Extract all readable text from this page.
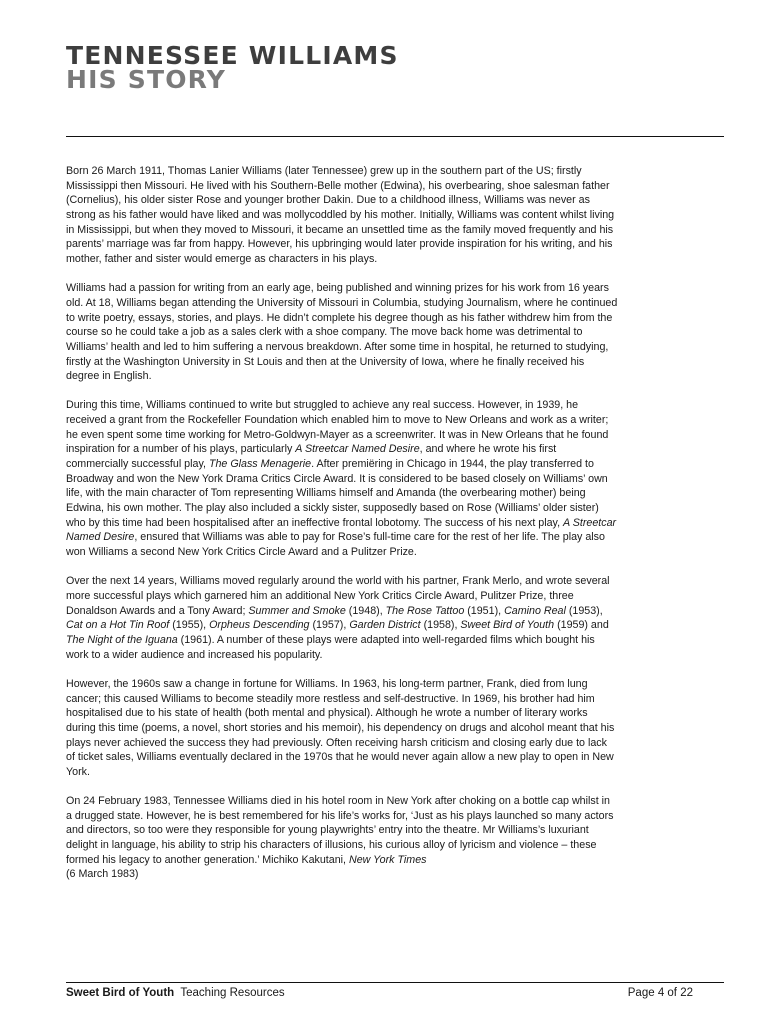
TENNESSEE WILLIAMS
HIS STORY

Born 26 March 1911, Thomas Lanier Williams (later Tennessee) grew up in the southern part of the US; firstly Mississippi then Missouri. He lived with his Southern-Belle mother (Edwina), his overbearing, shoe salesman father (Cornelius), his older sister Rose and younger brother Dakin. Due to a childhood illness, Williams was never as strong as his father would have liked and was mollycoddled by his mother. Initially, Williams was content whilst living in Mississippi, but when they moved to Missouri, it became an unsettled time as the family moved frequently and his parents’ marriage was far from happy. However, his upbringing would later provide inspiration for his writing, and his mother, father and sister would emerge as characters in his plays.

Williams had a passion for writing from an early age, being published and winning prizes for his work from 16 years old. At 18, Williams began attending the University of Missouri in Columbia, studying Journalism, where he continued to write poetry, essays, stories, and plays. He didn’t complete his degree though as his father withdrew him from the course so he could take a job as a sales clerk with a shoe company. The move back home was detrimental to Williams’ health and led to him suffering a nervous breakdown. After some time in hospital, he returned to studying, firstly at the Washington University in St Louis and then at the University of Iowa, where he finally received his degree in English.

During this time, Williams continued to write but struggled to achieve any real success. However, in 1939, he received a grant from the Rockefeller Foundation which enabled him to move to New Orleans and work as a writer; he even spent some time working for Metro-Goldwyn-Mayer as a screenwriter. It was in New Orleans that he found inspiration for a number of his plays, particularly A Streetcar Named Desire, and where he wrote his first commercially successful play, The Glass Menagerie. After premiëring in Chicago in 1944, the play transferred to Broadway and won the New York Drama Critics Circle Award. It is considered to be based closely on Williams’ own life, with the main character of Tom representing Williams himself and Amanda (the overbearing mother) being Edwina, his own mother. The play also included a sickly sister, supposedly based on Rose (Williams’ older sister) who by this time had been hospitalised after an ineffective frontal lobotomy. The success of his next play, A Streetcar Named Desire, ensured that Williams was able to pay for Rose’s full-time care for the rest of her life. The play also won Williams a second New York Critics Circle Award and a Pulitzer Prize.

Over the next 14 years, Williams moved regularly around the world with his partner, Frank Merlo, and wrote several more successful plays which garnered him an additional New York Critics Circle Award, Pulitzer Prize, three Donaldson Awards and a Tony Award; Summer and Smoke (1948), The Rose Tattoo (1951), Camino Real (1953), Cat on a Hot Tin Roof (1955), Orpheus Descending (1957), Garden District (1958), Sweet Bird of Youth (1959) and The Night of the Iguana (1961). A number of these plays were adapted into well-regarded films which bought his work to a wider audience and increased his popularity.

However, the 1960s saw a change in fortune for Williams. In 1963, his long-term partner, Frank, died from lung cancer; this caused Williams to become steadily more restless and self-destructive. In 1969, his brother had him hospitalised due to his state of health (both mental and physical). Although he wrote a number of literary works during this time (poems, a novel, short stories and his memoir), his dependency on drugs and alcohol meant that his plays never achieved the success they had previously. Often receiving harsh criticism and closing early due to lack of ticket sales, Williams eventually declared in the 1970s that he would never again allow a new play to open in New York.

On 24 February 1983, Tennessee Williams died in his hotel room in New York after choking on a bottle cap whilst in a drugged state. However, he is best remembered for his life’s works for, ‘Just as his plays launched so many actors and directors, so too were they responsible for young playwrights’ entry into the theatre. Mr Williams’s luxuriant delight in language, his ability to strip his characters of illusions, his curious alloy of lyricism and violence – these formed his legacy to another generation.’ Michiko Kakutani, New York Times
(6 March 1983)

Sweet Bird of Youth Teaching Resources	Page 4 of 22
